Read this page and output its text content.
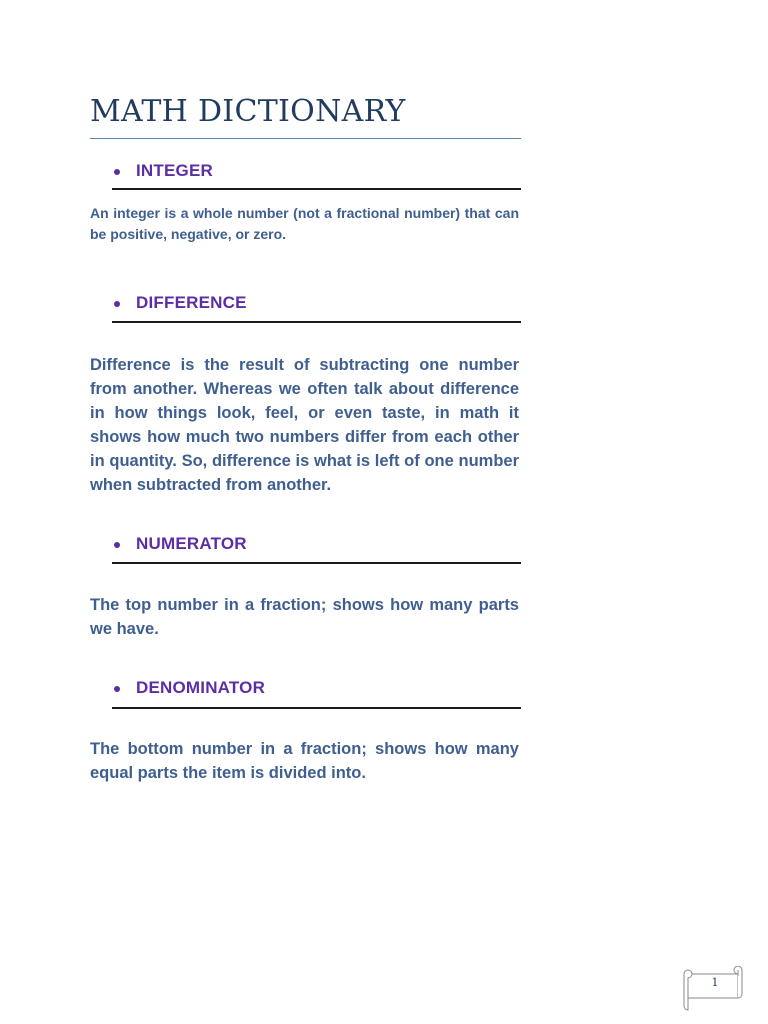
MATH DICTIONARY
INTEGER

An integer is a whole number (not a fractional number) that can be positive, negative, or zero.

DIFFERENCE

Difference is the result of subtracting one number from another. Whereas we often talk about difference in how things look, feel, or even taste, in math it shows how much two numbers differ from each other in quantity. So, difference is what is left of one number when subtracted from another.

NUMERATOR

The top number in a fraction; shows how many parts we have.

DENOMINATOR

The bottom number in a fraction; shows how many equal parts the item is divided into.

1
